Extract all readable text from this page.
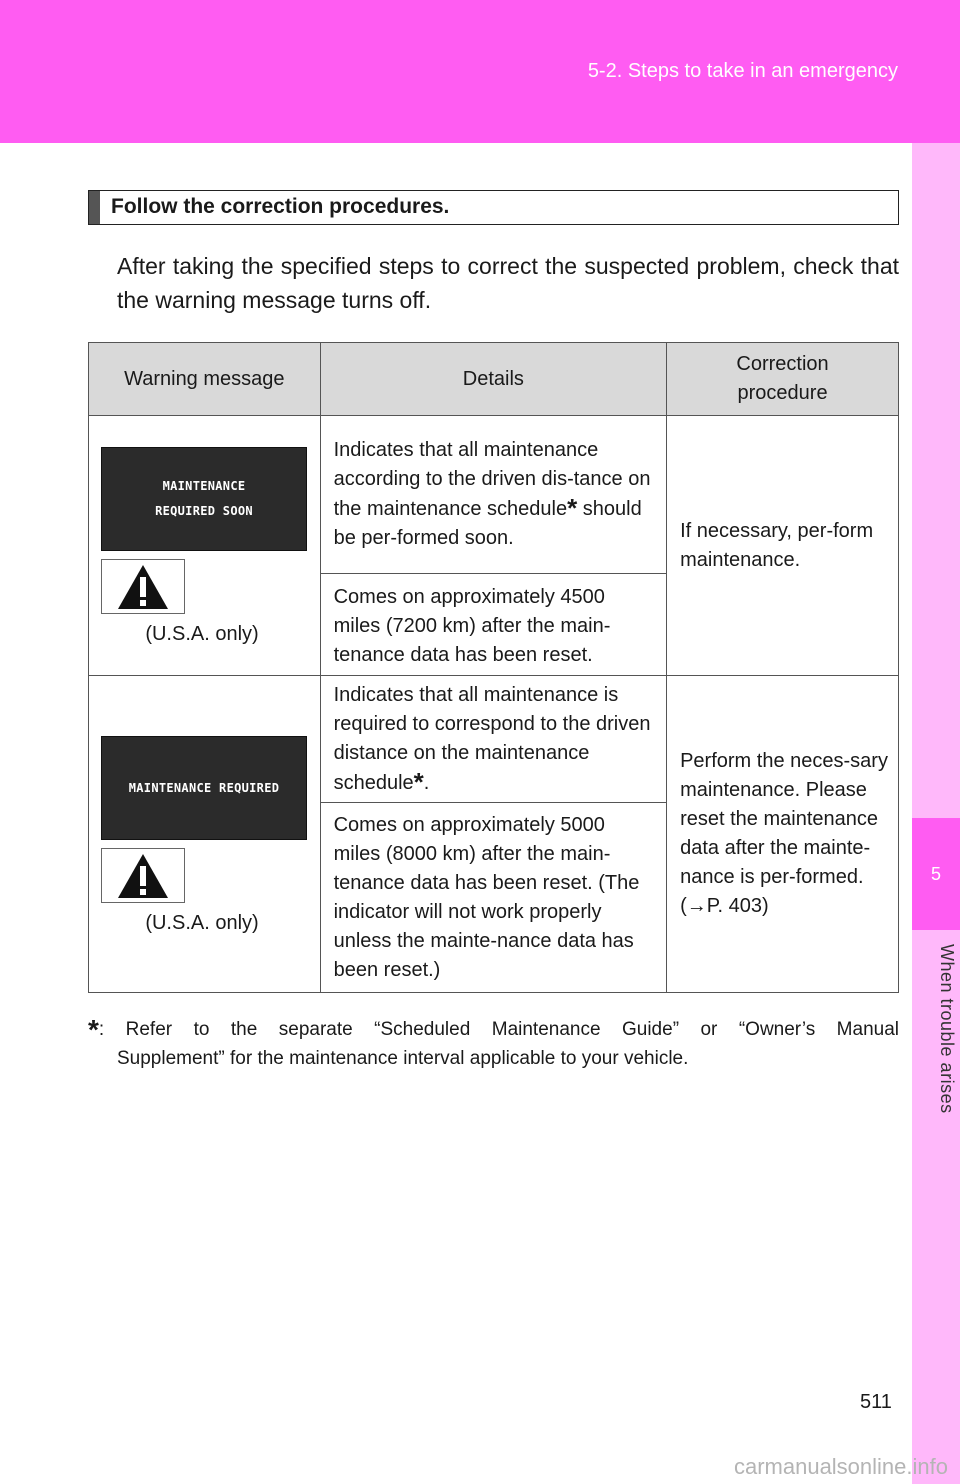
5-2. Steps to take in an emergency
5
When trouble arises
Follow the correction procedures.

After taking the specified steps to correct the suspected problem, check that the warning message turns off.

Warning message	Details	Correction procedure

MAINTENANCE
REQUIRED SOON
(U.S.A. only)	Indicates that all maintenance according to the driven dis-tance on the maintenance schedule* should be per-formed soon.	If necessary, per-form maintenance.
	Comes on approximately 4500 miles (7200 km) after the main-tenance data has been reset.	

MAINTENANCE REQUIRED
(U.S.A. only)	Indicates that all maintenance is required to correspond to the driven distance on the maintenance schedule*.	Perform the neces-sary maintenance. Please reset the maintenance data after the mainte-nance is per-formed. (→P. 403)
	Comes on approximately 5000 miles (8000 km) after the main-tenance data has been reset. (The indicator will not work properly unless the mainte-nance data has been reset.)	
*: Refer to the separate “Scheduled Maintenance Guide” or “Owner’s Manual
Supplement” for the maintenance interval applicable to your vehicle.
511
carmanualsonline.info
